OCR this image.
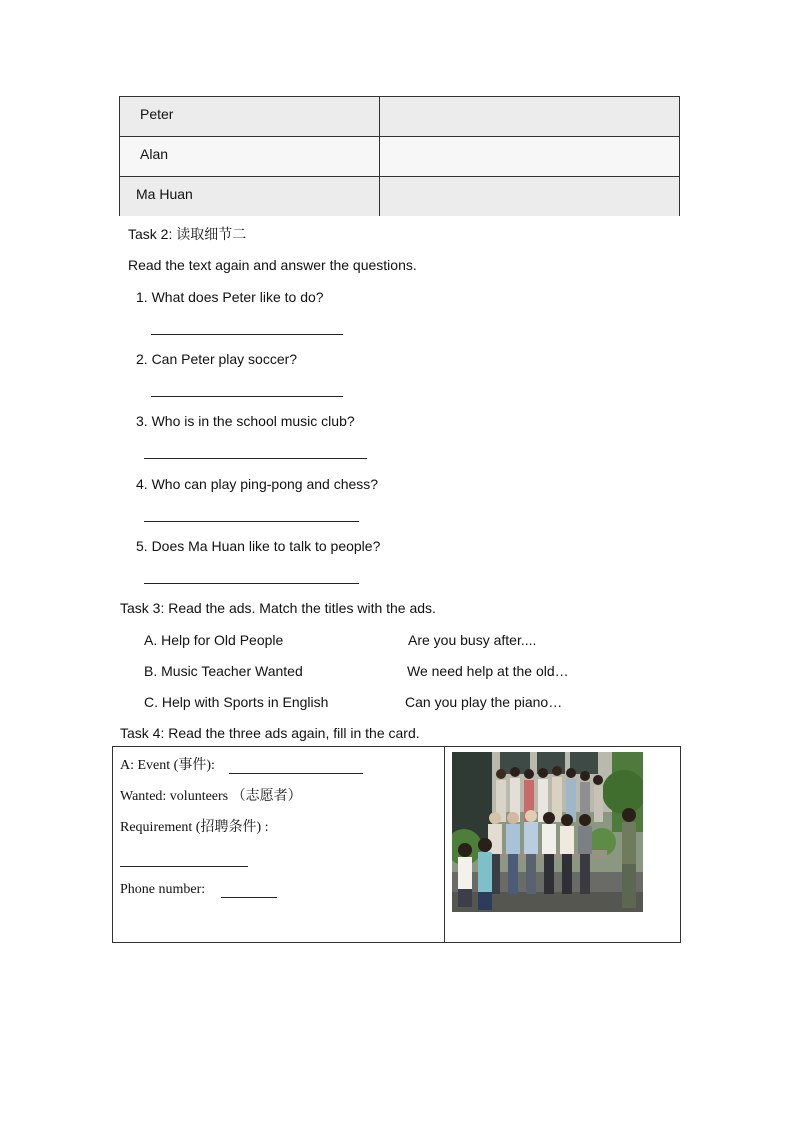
Peter
Alan
Ma Huan
Task 2: 读取细节二
Read the text again and answer the questions.
1. What does Peter like to do?
2. Can Peter play soccer?
3. Who is in the school music club?
4. Who can play ping-pong and chess?
5. Does Ma Huan like to talk to people?
Task 3: Read the ads. Match the titles with the ads.
A. Help for Old People	Are you busy after....
B. Music Teacher Wanted	We need help at the old…
C. Help with Sports in English	Can you play the piano…
Task 4: Read the three ads again, fill in the card.
A: Event (事件):
Wanted: volunteers （志愿者）
Requirement (招聘条件) :
Phone number:
